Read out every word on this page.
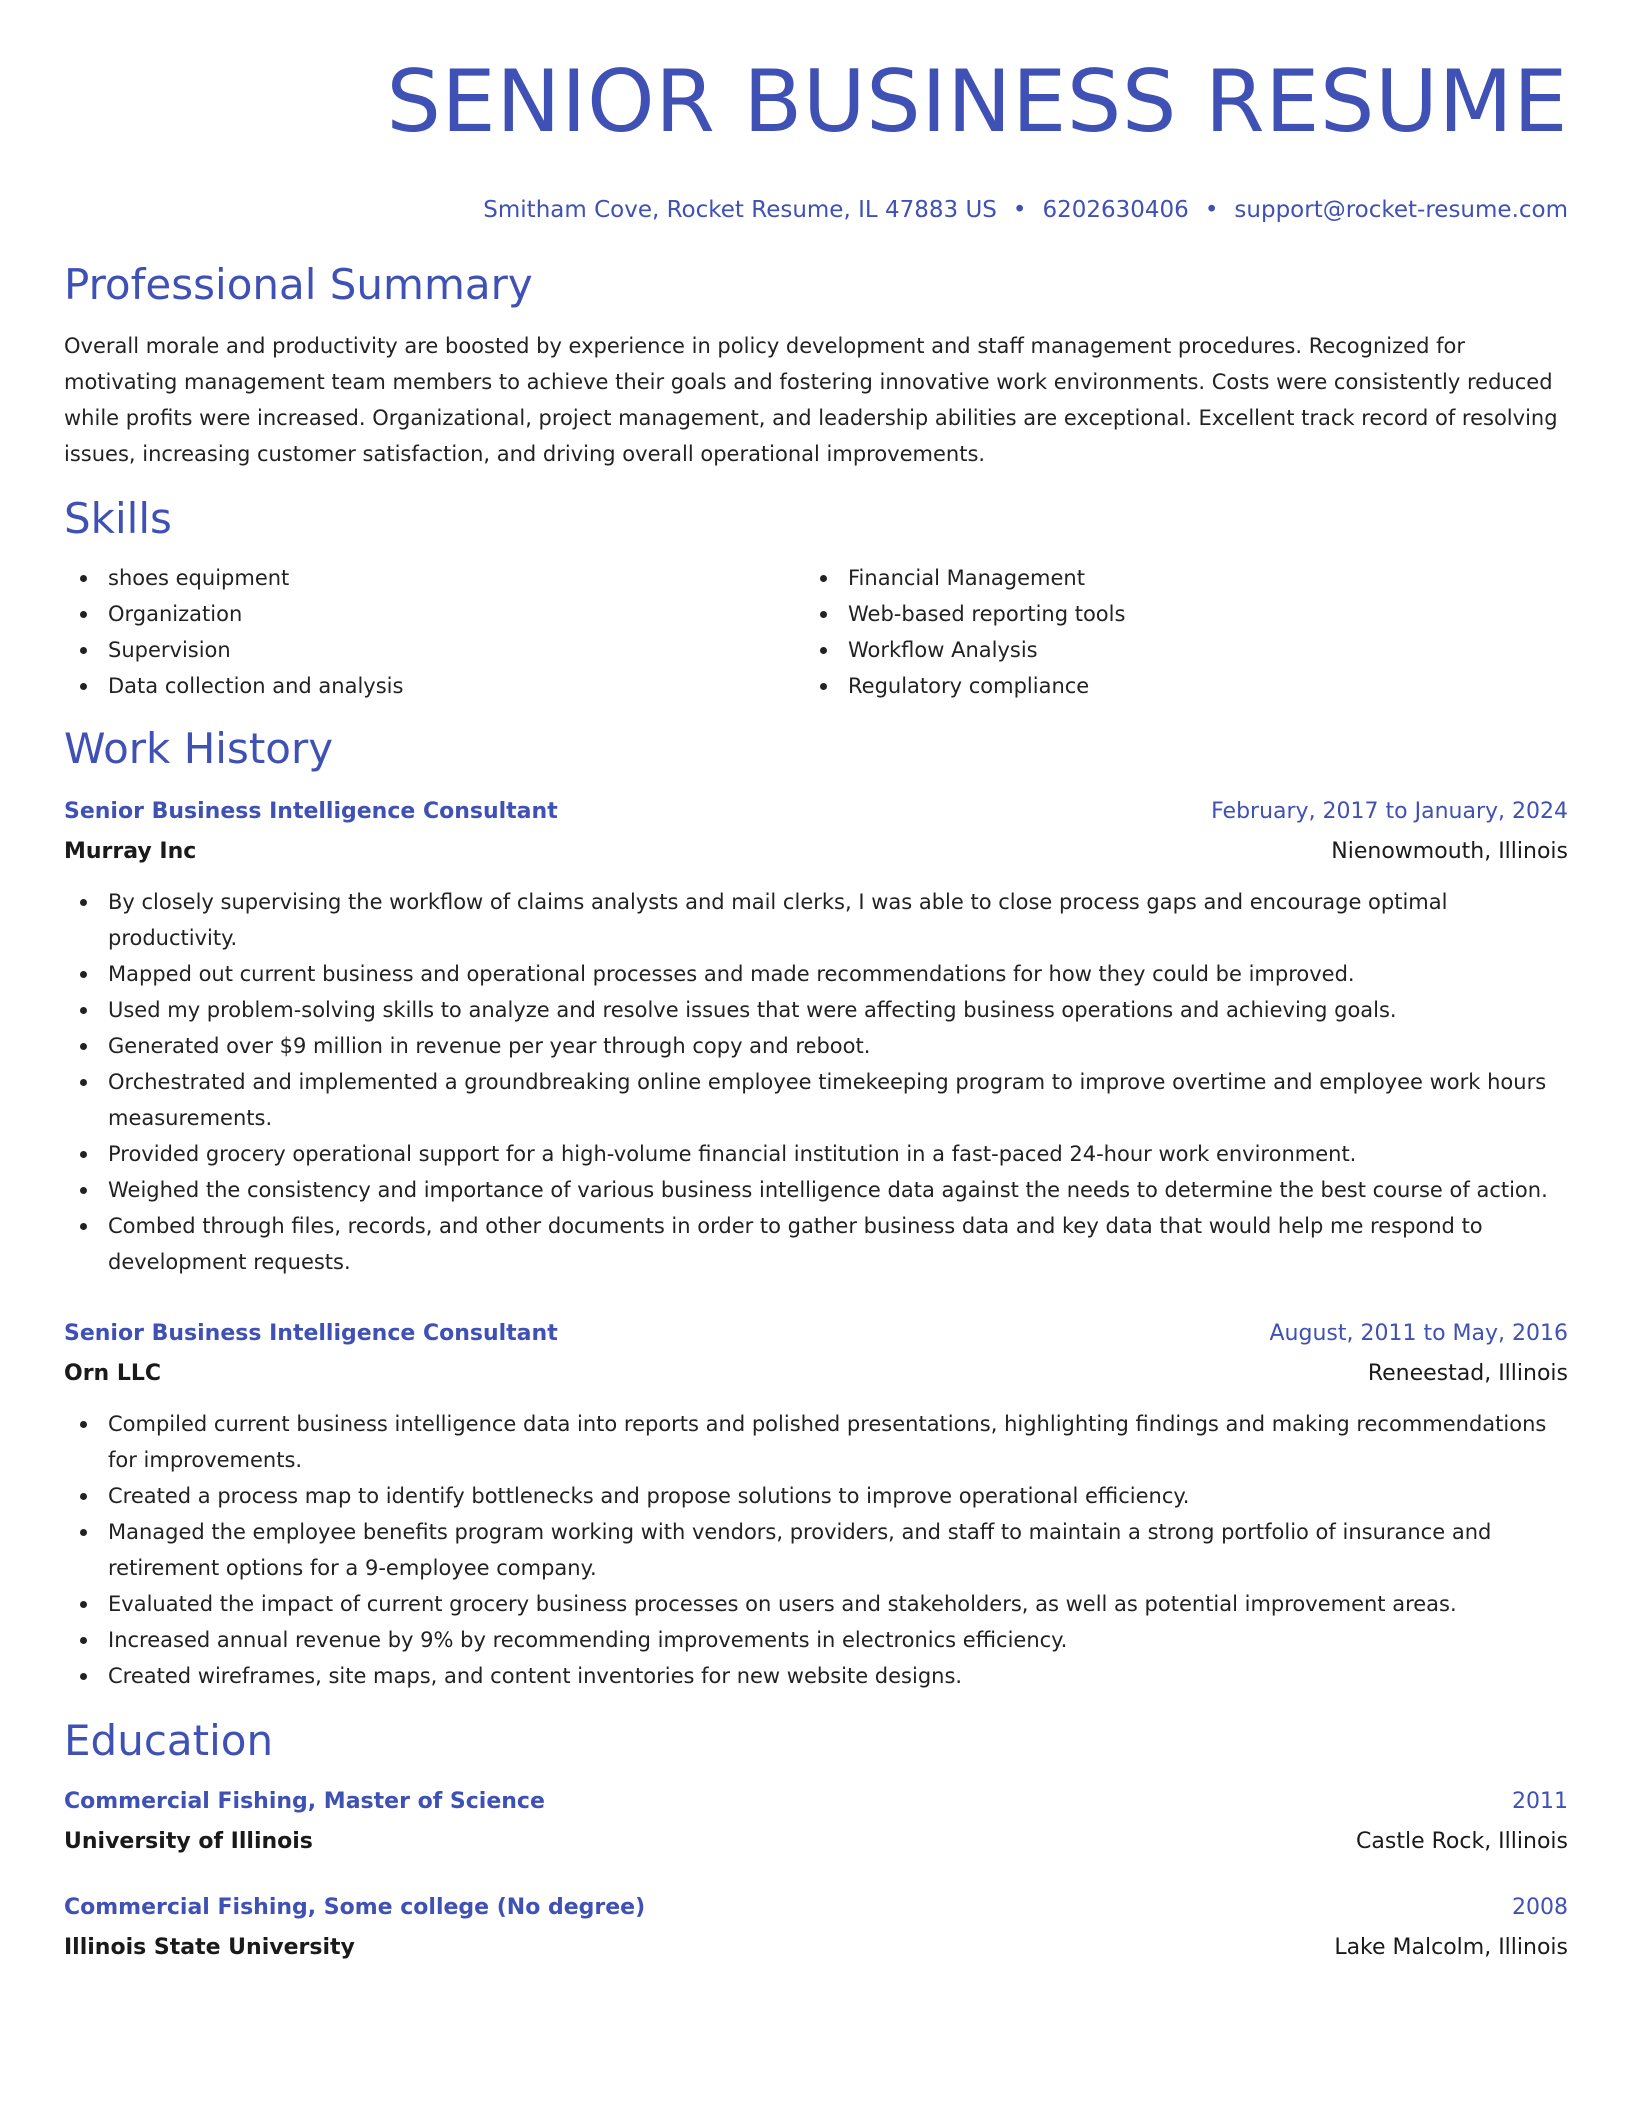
SENIOR BUSINESS RESUME
Smitham Cove, Rocket Resume, IL 47883 US • 6202630406 • support@rocket-resume.com
Professional Summary
Overall morale and productivity are boosted by experience in policy development and staff management procedures. Recognized for motivating management team members to achieve their goals and fostering innovative work environments. Costs were consistently reduced while profits were increased. Organizational, project management, and leadership abilities are exceptional. Excellent track record of resolving issues, increasing customer satisfaction, and driving overall operational improvements.
Skills
shoes equipment
Organization
Supervision
Data collection and analysis
Financial Management
Web-based reporting tools
Workflow Analysis
Regulatory compliance
Work History
Senior Business Intelligence Consultant	February, 2017 to January, 2024
Murray Inc	Nienowmouth, Illinois
By closely supervising the workflow of claims analysts and mail clerks, I was able to close process gaps and encourage optimal productivity.
Mapped out current business and operational processes and made recommendations for how they could be improved.
Used my problem-solving skills to analyze and resolve issues that were affecting business operations and achieving goals.
Generated over $9 million in revenue per year through copy and reboot.
Orchestrated and implemented a groundbreaking online employee timekeeping program to improve overtime and employee work hours measurements.
Provided grocery operational support for a high-volume financial institution in a fast-paced 24-hour work environment.
Weighed the consistency and importance of various business intelligence data against the needs to determine the best course of action.
Combed through files, records, and other documents in order to gather business data and key data that would help me respond to development requests.
Senior Business Intelligence Consultant	August, 2011 to May, 2016
Orn LLC	Reneestad, Illinois
Compiled current business intelligence data into reports and polished presentations, highlighting findings and making recommendations for improvements.
Created a process map to identify bottlenecks and propose solutions to improve operational efficiency.
Managed the employee benefits program working with vendors, providers, and staff to maintain a strong portfolio of insurance and retirement options for a 9-employee company.
Evaluated the impact of current grocery business processes on users and stakeholders, as well as potential improvement areas.
Increased annual revenue by 9% by recommending improvements in electronics efficiency.
Created wireframes, site maps, and content inventories for new website designs.
Education
Commercial Fishing, Master of Science	2011
University of Illinois	Castle Rock, Illinois
Commercial Fishing, Some college (No degree)	2008
Illinois State University	Lake Malcolm, Illinois
